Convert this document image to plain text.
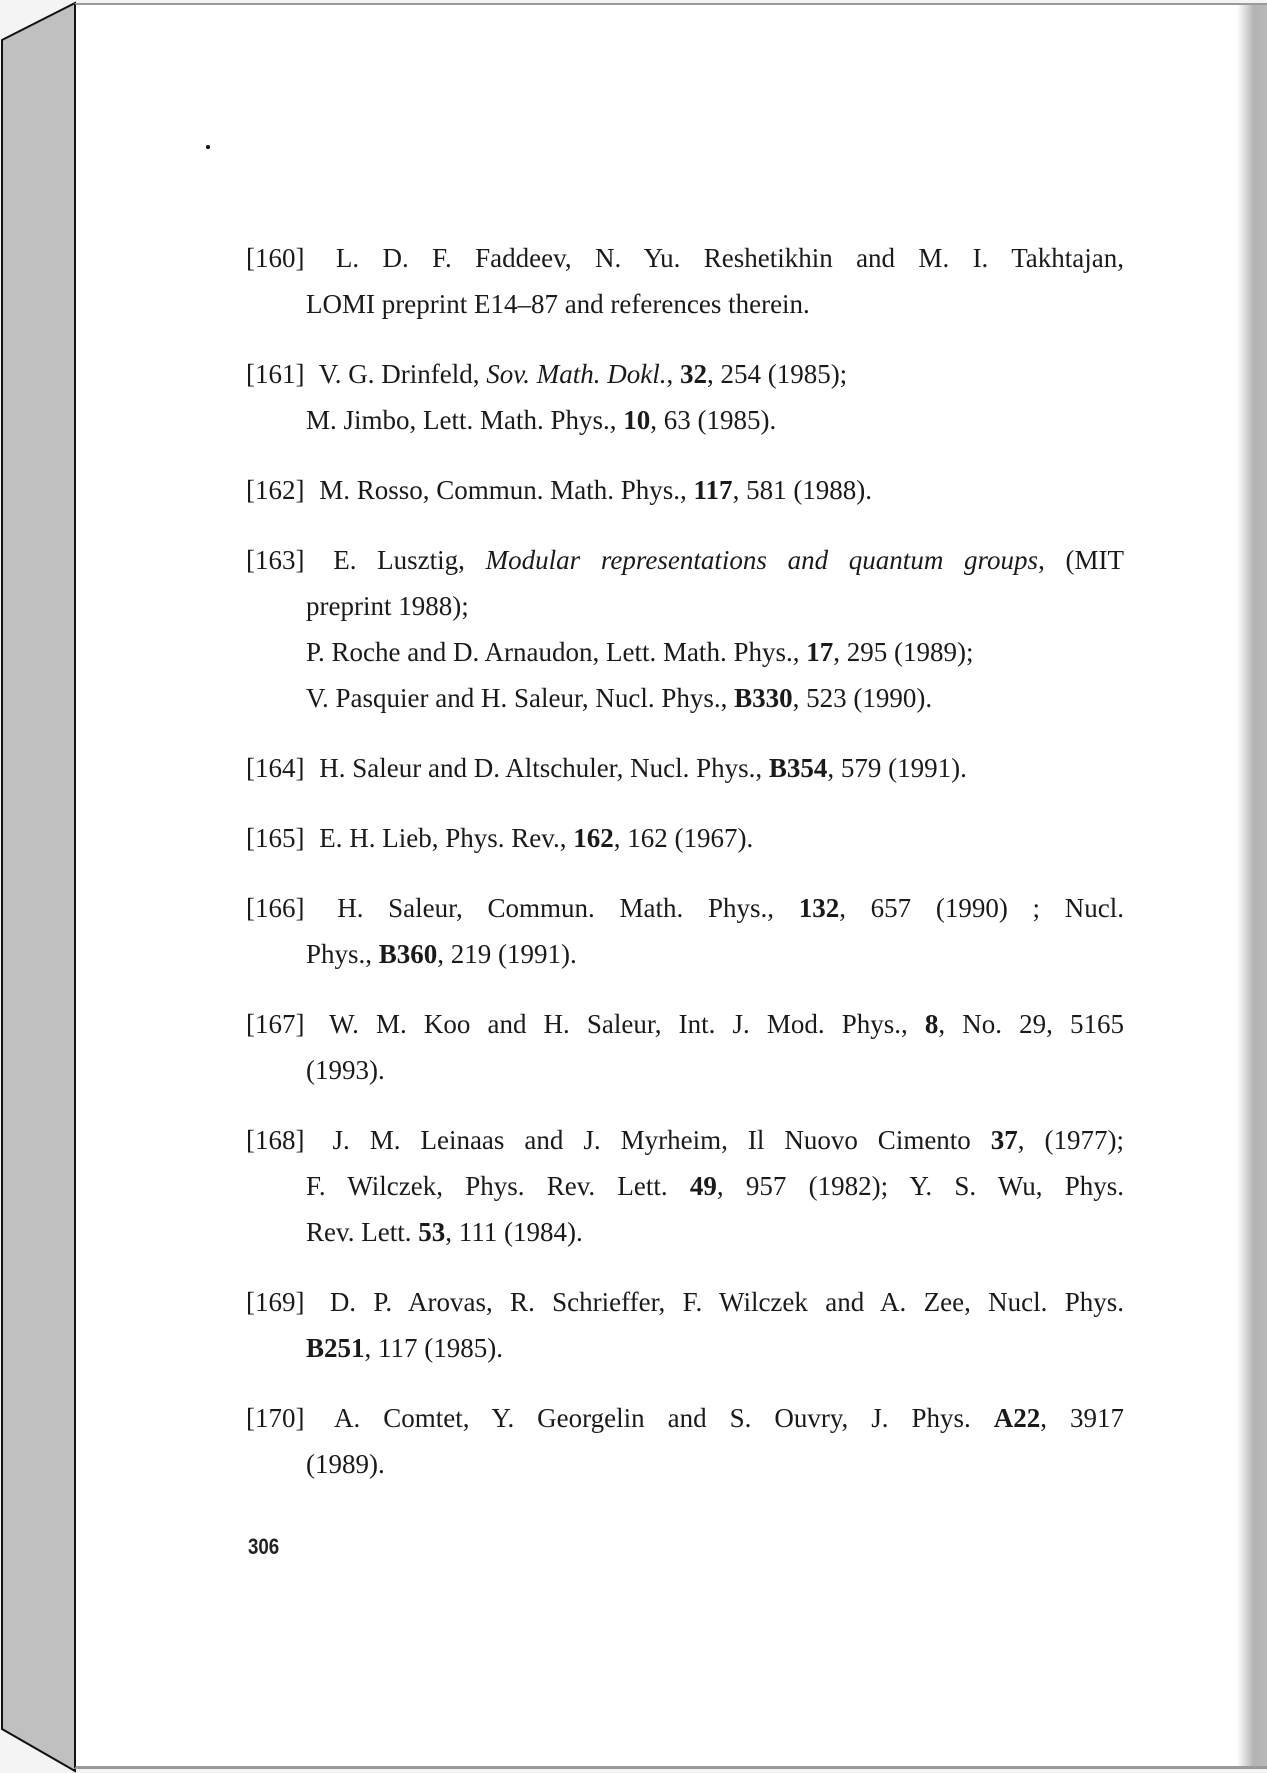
[160] L. D. F. Faddeev, N. Yu. Reshetikhin and M. I. Takhtajan,
LOMI preprint E14–87 and references therein.
[161] V. G. Drinfeld, Sov. Math. Dokl., 32, 254 (1985);
M. Jimbo, Lett. Math. Phys., 10, 63 (1985).
[162] M. Rosso, Commun. Math. Phys., 117, 581 (1988).
[163] E. Lusztig, Modular representations and quantum groups, (MIT
preprint 1988);
P. Roche and D. Arnaudon, Lett. Math. Phys., 17, 295 (1989);
V. Pasquier and H. Saleur, Nucl. Phys., B330, 523 (1990).
[164] H. Saleur and D. Altschuler, Nucl. Phys., B354, 579 (1991).
[165] E. H. Lieb, Phys. Rev., 162, 162 (1967).
[166] H. Saleur, Commun. Math. Phys., 132, 657 (1990) ; Nucl.
Phys., B360, 219 (1991).
[167] W. M. Koo and H. Saleur, Int. J. Mod. Phys., 8, No. 29, 5165
(1993).
[168] J. M. Leinaas and J. Myrheim, Il Nuovo Cimento 37, (1977);
F. Wilczek, Phys. Rev. Lett. 49, 957 (1982); Y. S. Wu, Phys.
Rev. Lett. 53, 111 (1984).
[169] D. P. Arovas, R. Schrieffer, F. Wilczek and A. Zee, Nucl. Phys.
B251, 117 (1985).
[170] A. Comtet, Y. Georgelin and S. Ouvry, J. Phys. A22, 3917
(1989).
306
